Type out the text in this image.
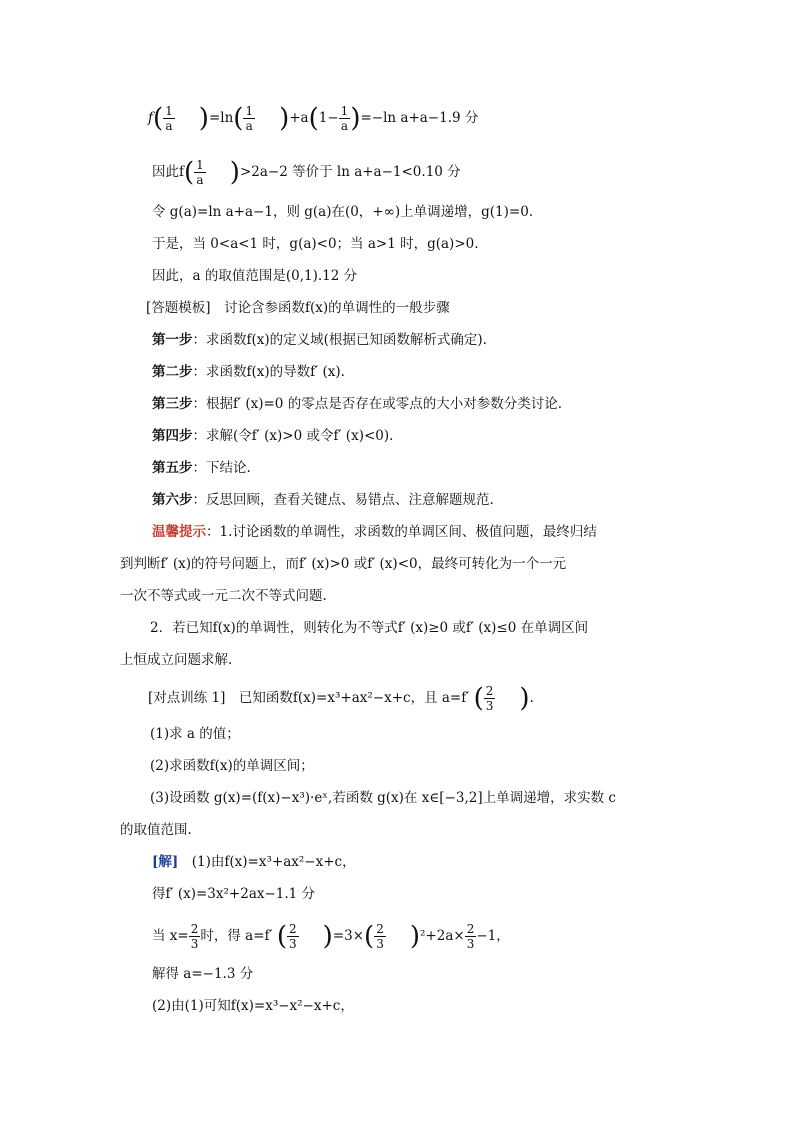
$f( \frac{1}{a} )=\ln( \frac{1}{a} )+a(1- \frac{1}{a} )=-\ln$ a+a−1.9 分
因此$f( \frac{1}{a} )>2a-2$ 等价于 ln a+a−1<0.10 分
令 g(a)=ln a+a−1，则 g(a)在(0，+∞)上单调递增，g(1)=0.
于是，当 0<a<1 时，g(a)<0；当 a>1 时，g(a)>0.
因此，a 的取值范围是(0,1).12 分
[答题模板]　讨论含参函数f(x)的单调性的一般步骤
第一步：求函数f(x)的定义域(根据已知函数解析式确定).
第二步：求函数f(x)的导数f′ (x).
第三步：根据f′ (x)=0 的零点是否存在或零点的大小对参数分类讨论.
第四步：求解(令f′ (x)>0 或令f′ (x)<0).
第五步：下结论.
第六步：反思回顾，查看关键点、易错点、注意解题规范.
温馨提示：1.讨论函数的单调性，求函数的单调区间、极值问题，最终归结
到判断f′ (x)的符号问题上，而f′ (x)>0 或f′ (x)<0，最终可转化为一个一元
一次不等式或一元二次不等式问题.
2．若已知f(x)的单调性，则转化为不等式f′ (x)≥0 或f′ (x)≤0 在单调区间
上恒成立问题求解.
[对点训练 1]　已知函数f(x)=x³+ax²−x+c，且 a=f′ ( $\frac{2}{3}$ ).
(1)求 a 的值；
(2)求函数f(x)的单调区间；
(3)设函数 g(x)=(f(x)−x³)·eˣ,若函数 g(x)在 x∈[−3,2]上单调递增，求实数 c
的取值范围.
[解]　(1)由f(x)=x³+ax²−x+c，
得f′ (x)=3x²+2ax−1.1 分
当 $x= \frac{2}{3}$ 时，得 a=f′ ( $\frac{2}{3} )=3\times( \frac{2}{3} )^2+2a\times \frac{2}{3} -1$，
解得 a=−1.3 分
(2)由(1)可知f(x)=x³−x²−x+c，
